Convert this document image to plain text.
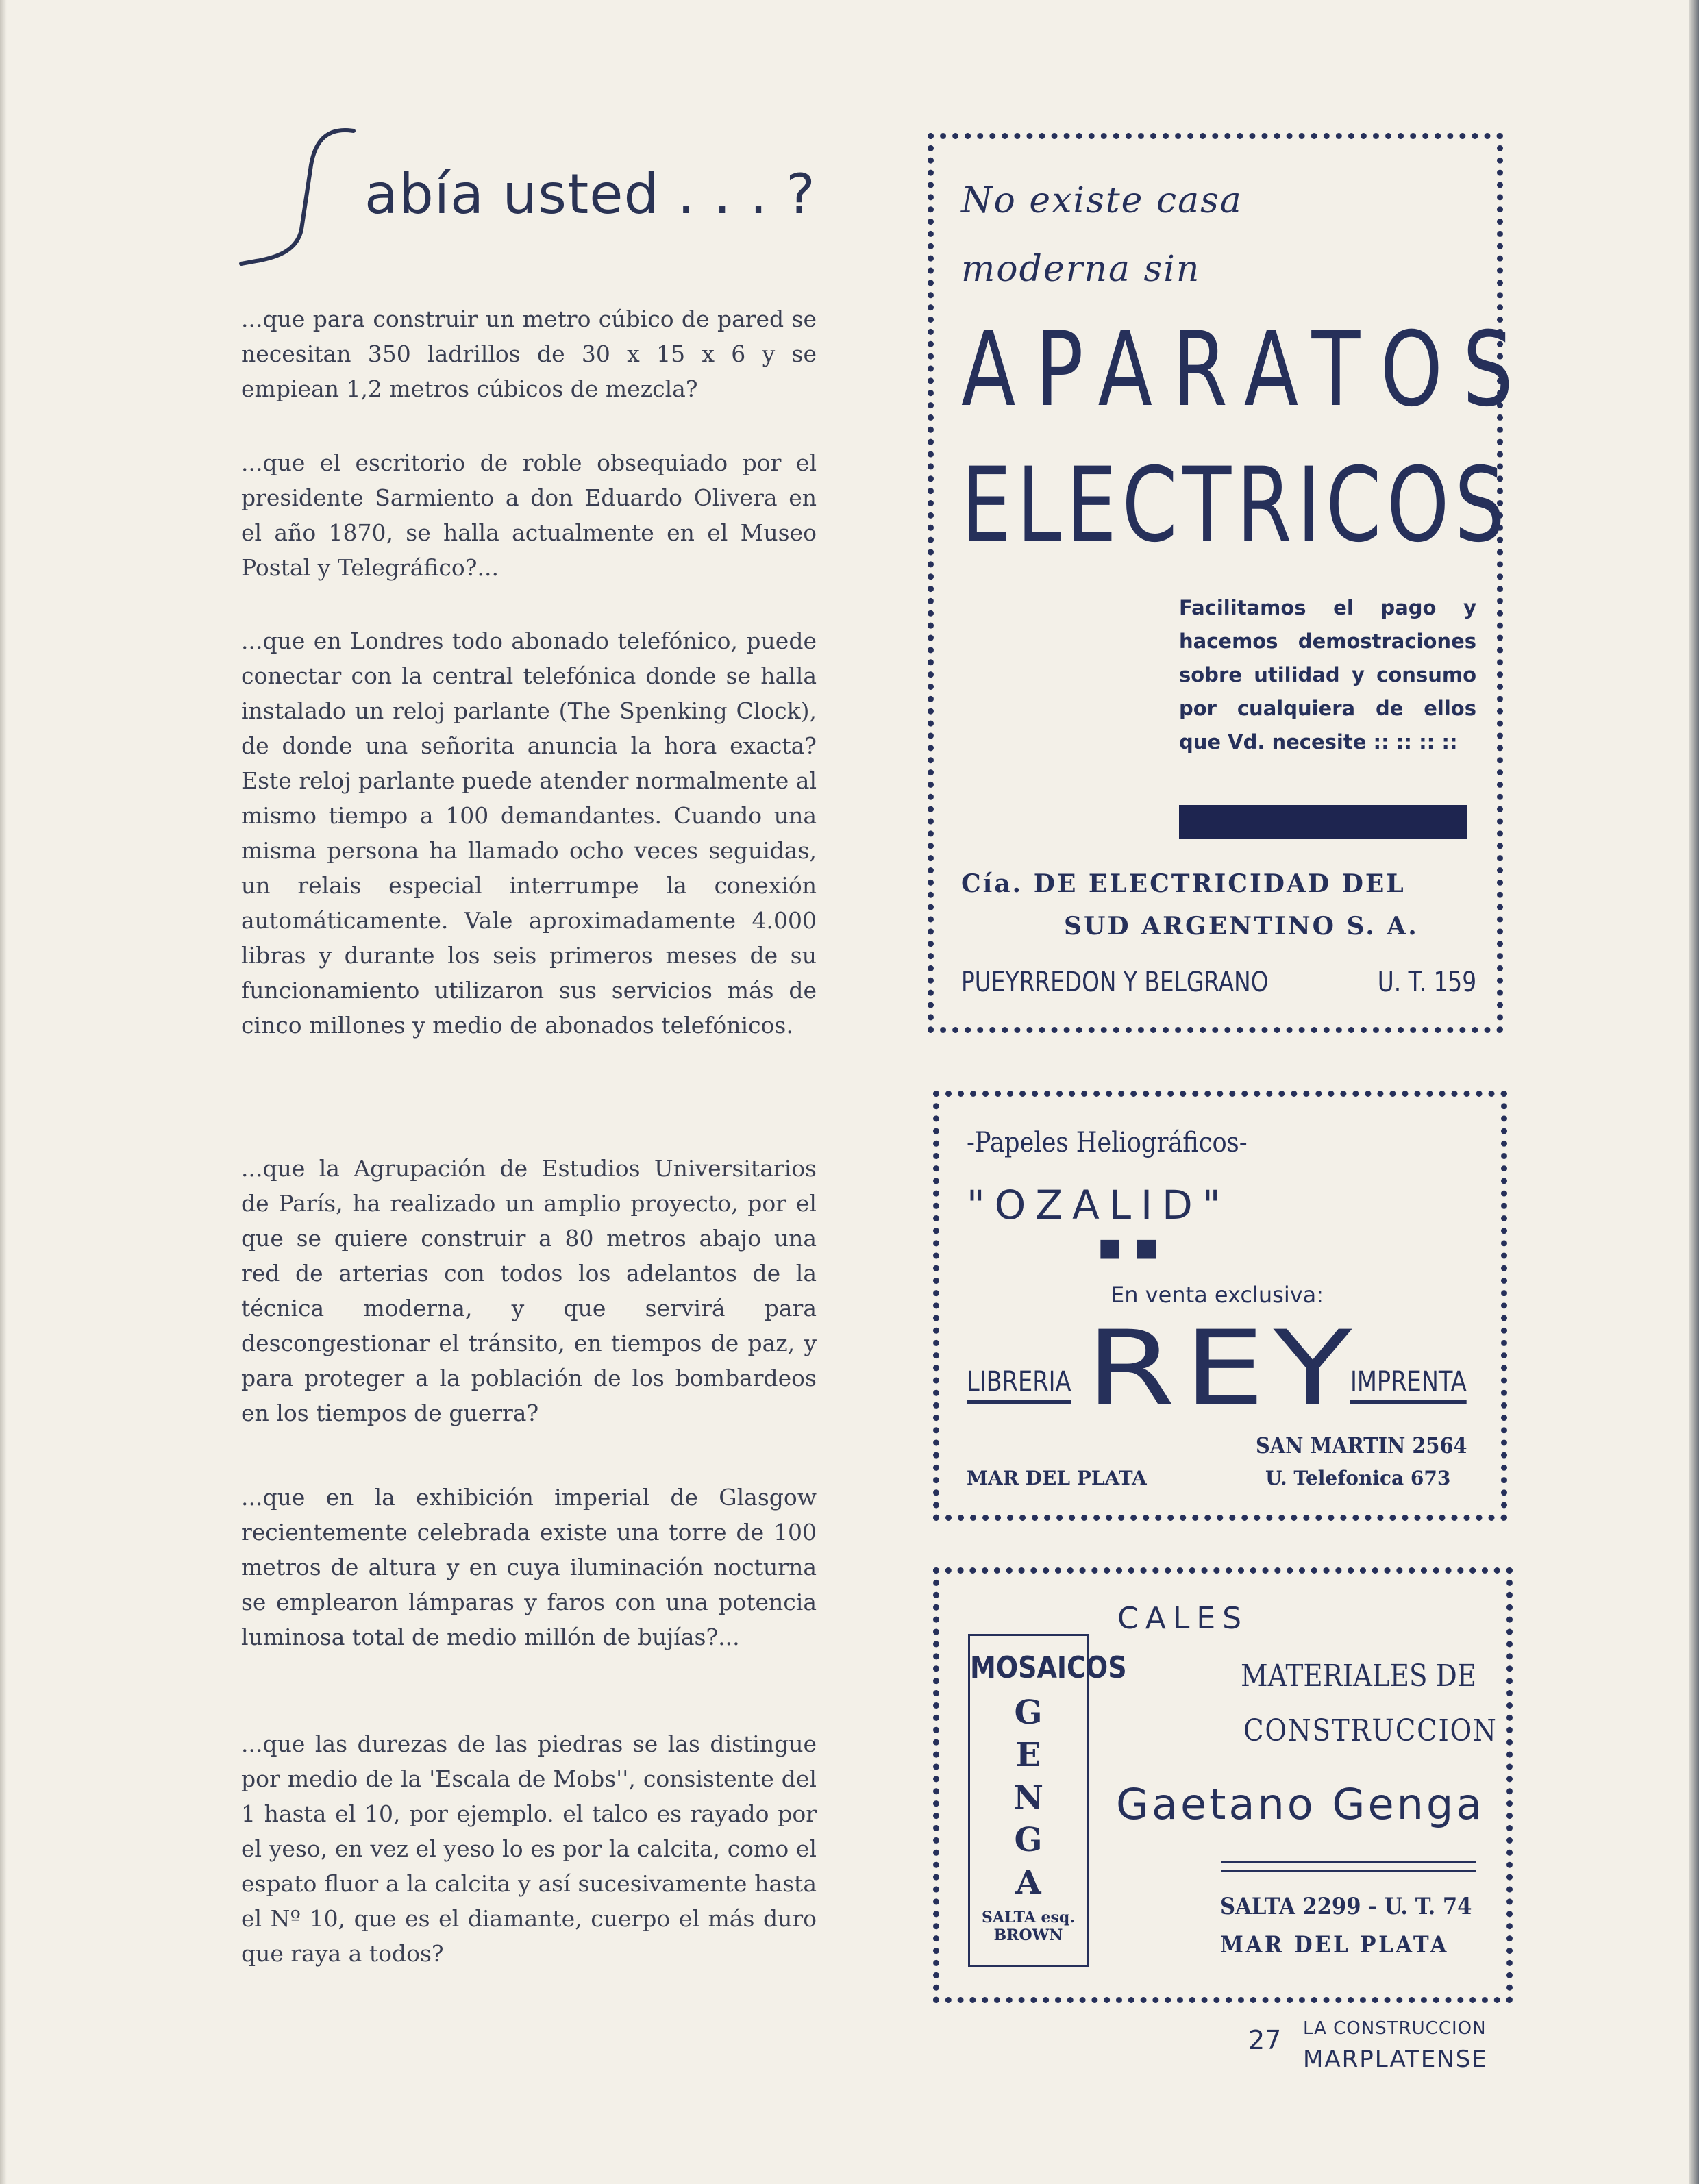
abía usted . . . ?

...que para construir un metro cúbico de pared se necesitan 350 ladrillos de 30 x 15 x 6 y se empiean 1,2 metros cúbicos de mezcla?

...que el escritorio de roble obsequiado por el presidente Sarmiento a don Eduardo Olivera en el año 1870, se halla actualmente en el Museo Postal y Telegráfico?...

...que en Londres todo abonado telefónico, puede conectar con la central telefónica donde se halla instalado un reloj parlante (The Spenking Clock), de donde una señorita anuncia la hora exacta? Este reloj parlante puede atender normalmente al mismo tiempo a 100 demandantes. Cuando una misma persona ha llamado ocho veces seguidas, un relais especial interrumpe la conexión automáticamente. Vale aproximadamente 4.000 libras y durante los seis primeros meses de su funcionamiento utilizaron sus servicios más de cinco millones y medio de abonados telefónicos.

...que la Agrupación de Estudios Universitarios de París, ha realizado un amplio proyecto, por el que se quiere construir a 80 metros abajo una red de arterias con todos los adelantos de la técnica moderna, y que servirá para descongestionar el tránsito, en tiempos de paz, y para proteger a la población de los bombardeos en los tiempos de guerra?

...que en la exhibición imperial de Glasgow recientemente celebrada existe una torre de 100 metros de altura y en cuya iluminación nocturna se emplearon lámparas y faros con una potencia luminosa total de medio millón de bujías?...

...que las durezas de las piedras se las distingue por medio de la 'Escala de Mobs'', consistente del 1 hasta el 10, por ejemplo. el talco es rayado por el yeso, en vez el yeso lo es por la calcita, como el espato fluor a la calcita y así sucesivamente hasta el Nº 10, que es el diamante, cuerpo el más duro que raya a todos?

No existe casa
moderna sin
APARATOS
ELECTRICOS
Facilitamos el pago y hacemos demostraciones sobre utilidad y consumo por cualquiera de ellos que Vd. necesite :: :: :: ::
Cía. DE ELECTRICIDAD DEL
SUD ARGENTINO S. A.
PUEYRREDON Y BELGRANO	U. T. 159
-Papeles Heliográficos-
"OZALID"
■ ■
En venta exclusiva:
LIBRERIA REY
IMPRENTA
SAN MARTIN 2564
MAR DEL PLATA	U. Telefonica 673
MOSAICOS
G
E
N
G
A
SALTA esq. BROWN
CALES
MATERIALES DE
CONSTRUCCION
Gaetano Genga
SALTA 2299 - U. T. 74
MAR DEL PLATA
27 LA CONSTRUCCION
MARPLATENSE
